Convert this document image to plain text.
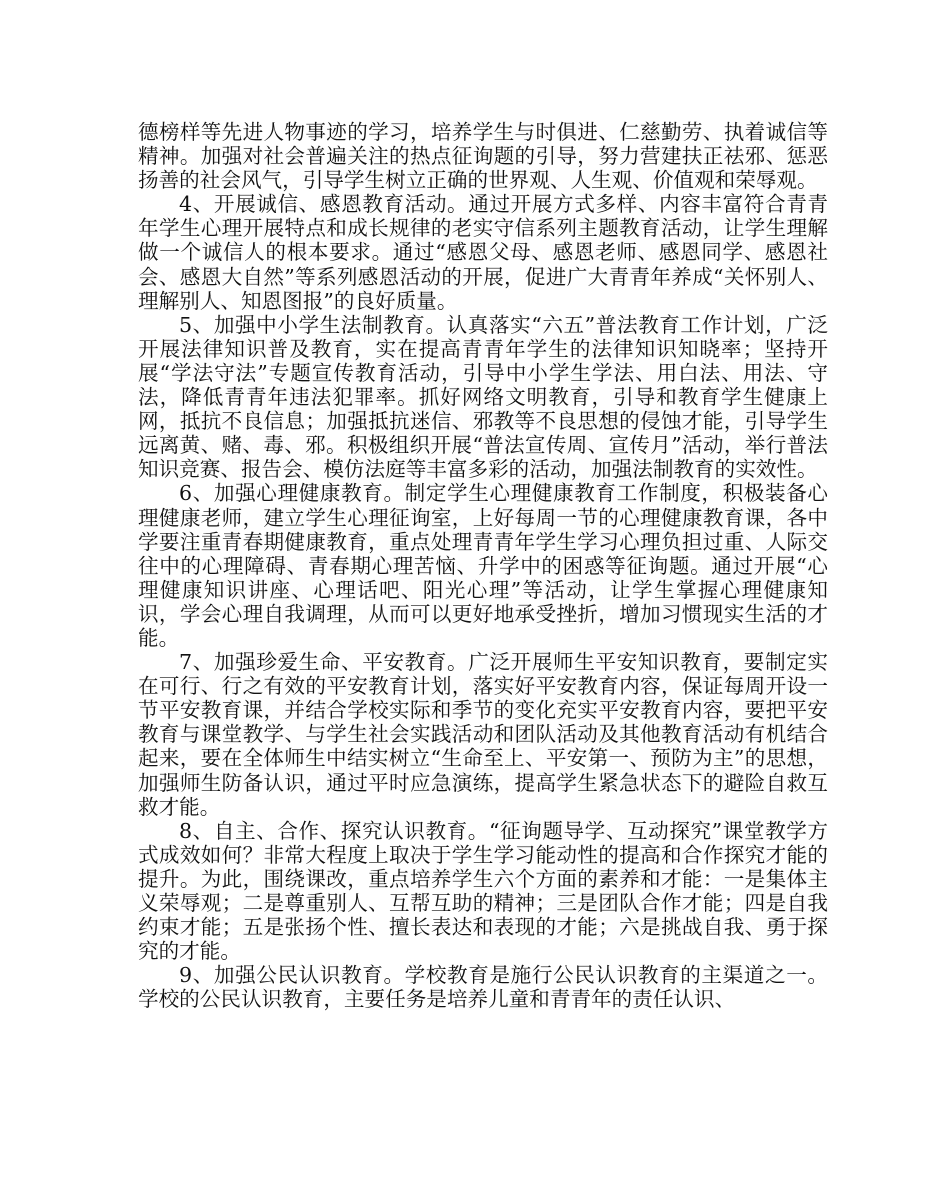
德榜样等先进人物事迹的学习，培养学生与时俱进、仁慈勤劳、执着诚信等精神。加强对社会普遍关注的热点征询题的引导，努力营建扶正祛邪、惩恶扬善的社会风气，引导学生树立正确的世界观、人生观、价值观和荣辱观。

4、开展诚信、感恩教育活动。通过开展方式多样、内容丰富符合青青年学生心理开展特点和成长规律的老实守信系列主题教育活动，让学生理解做一个诚信人的根本要求。通过“感恩父母、感恩老师、感恩同学、感恩社会、感恩大自然”等系列感恩活动的开展，促进广大青青年养成“关怀别人、理解别人、知恩图报”的良好质量。

5、加强中小学生法制教育。认真落实“六五”普法教育工作计划，广泛开展法律知识普及教育，实在提高青青年学生的法律知识知晓率；坚持开展“学法守法”专题宣传教育活动，引导中小学生学法、用白法、用法、守法，降低青青年违法犯罪率。抓好网络文明教育，引导和教育学生健康上网，抵抗不良信息；加强抵抗迷信、邪教等不良思想的侵蚀才能，引导学生远离黄、赌、毒、邪。积极组织开展“普法宣传周、宣传月”活动，举行普法知识竞赛、报告会、模仿法庭等丰富多彩的活动，加强法制教育的实效性。

6、加强心理健康教育。制定学生心理健康教育工作制度，积极装备心理健康老师，建立学生心理征询室，上好每周一节的心理健康教育课，各中学要注重青春期健康教育，重点处理青青年学生学习心理负担过重、人际交往中的心理障碍、青春期心理苦恼、升学中的困惑等征询题。通过开展“心理健康知识讲座、心理话吧、阳光心理”等活动，让学生掌握心理健康知识，学会心理自我调理，从而可以更好地承受挫折，增加习惯现实生活的才能。

7、加强珍爱生命、平安教育。广泛开展师生平安知识教育，要制定实在可行、行之有效的平安教育计划，落实好平安教育内容，保证每周开设一节平安教育课，并结合学校实际和季节的变化充实平安教育内容，要把平安教育与课堂教学、与学生社会实践活动和团队活动及其他教育活动有机结合起来，要在全体师生中结实树立“生命至上、平安第一、预防为主”的思想，加强师生防备认识，通过平时应急演练，提高学生紧急状态下的避险自救互救才能。

8、自主、合作、探究认识教育。“征询题导学、互动探究”课堂教学方式成效如何？非常大程度上取决于学生学习能动性的提高和合作探究才能的提升。为此，围绕课改，重点培养学生六个方面的素养和才能：一是集体主义荣辱观；二是尊重别人、互帮互助的精神；三是团队合作才能；四是自我约束才能；五是张扬个性、擅长表达和表现的才能；六是挑战自我、勇于探究的才能。

9、加强公民认识教育。学校教育是施行公民认识教育的主渠道之一。学校的公民认识教育，主要任务是培养儿童和青青年的责任认识、
